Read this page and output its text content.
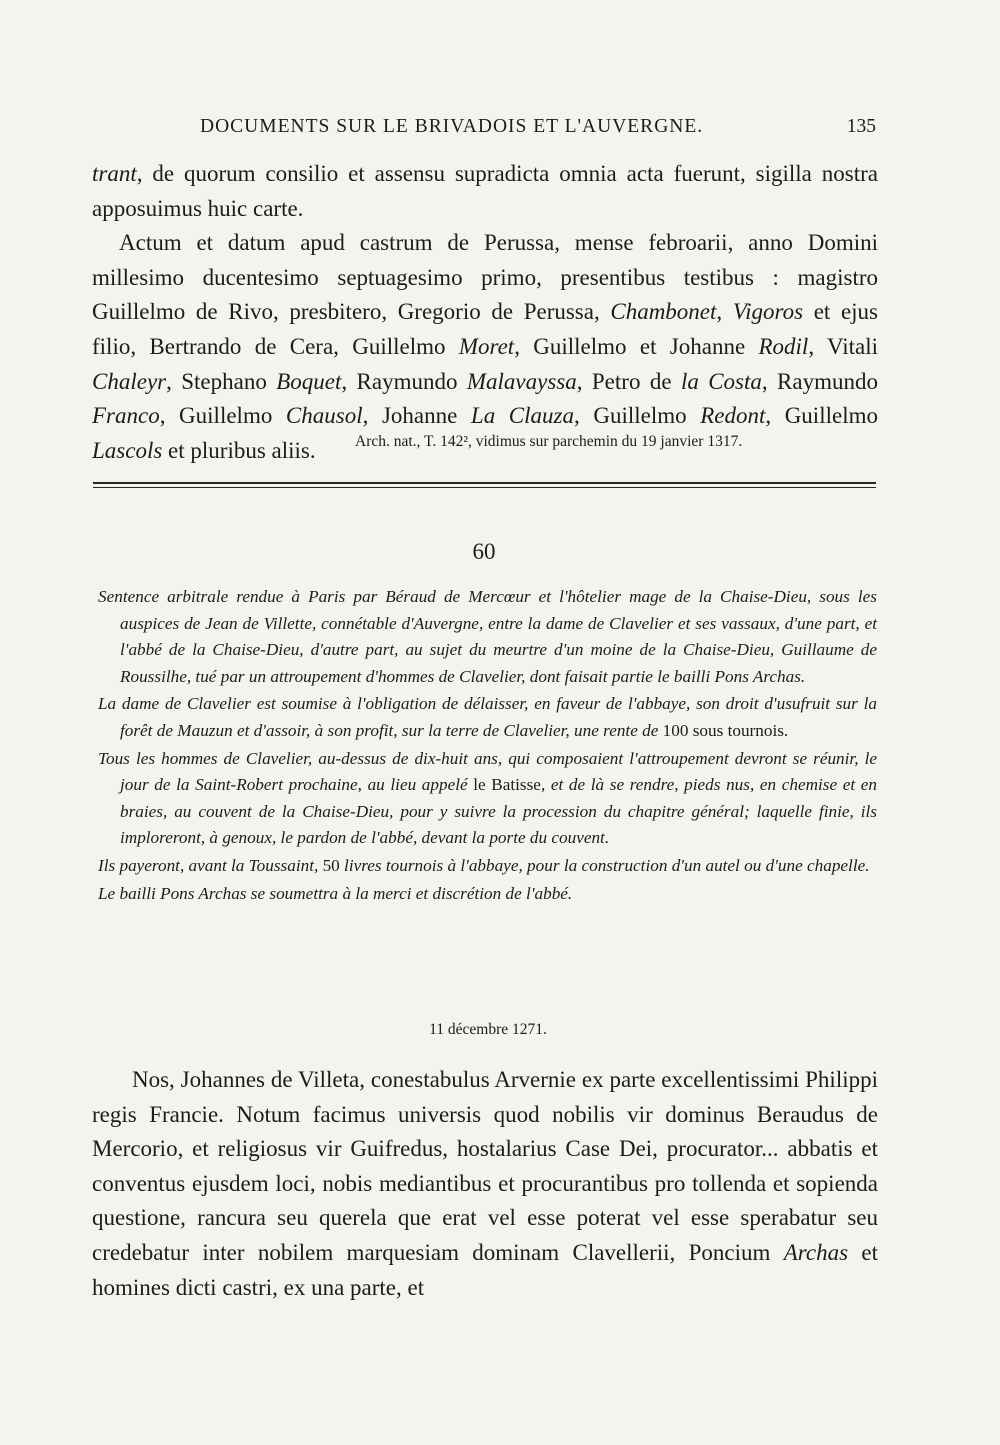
DOCUMENTS SUR LE BRIVADOIS ET L'AUVERGNE.	135

trant, de quorum consilio et assensu supradicta omnia acta fuerunt, sigilla nostra apposuimus huic carte.

Actum et datum apud castrum de Perussa, mense febroarii, anno Domini millesimo ducentesimo septuagesimo primo, presentibus testibus : magistro Guillelmo de Rivo, presbitero, Gregorio de Perussa, Chambonet, Vigoros et ejus filio, Bertrando de Cera, Guillelmo Moret, Guillelmo et Johanne Rodil, Vitali Chaleyr, Stephano Boquet, Raymundo Malavayssa, Petro de la Costa, Raymundo Franco, Guillelmo Chausol, Johanne La Clauza, Guillelmo Redont, Guillelmo Lascols et pluribus aliis.	Arch. nat., T. 142², vidimus sur parchemin du 19 janvier 1317.
60

Sentence arbitrale rendue à Paris par Béraud de Mercœur et l'hôtelier mage de la Chaise-Dieu, sous les auspices de Jean de Villette, connétable d'Auvergne, entre la dame de Clavelier et ses vassaux, d'une part, et l'abbé de la Chaise-Dieu, d'autre part, au sujet du meurtre d'un moine de la Chaise-Dieu, Guillaume de Roussilhe, tué par un attroupement d'hommes de Clavelier, dont faisait partie le bailli Pons Archas.

La dame de Clavelier est soumise à l'obligation de délaisser, en faveur de l'abbaye, son droit d'usufruit sur la forêt de Mauzun et d'assoir, à son profit, sur la terre de Clavelier, une rente de 100 sous tournois.

Tous les hommes de Clavelier, au-dessus de dix-huit ans, qui composaient l'attroupement devront se réunir, le jour de la Saint-Robert prochaine, au lieu appelé le Batisse, et de là se rendre, pieds nus, en chemise et en braies, au couvent de la Chaise-Dieu, pour y suivre la procession du chapitre général; laquelle finie, ils imploreront, à genoux, le pardon de l'abbé, devant la porte du couvent.

Ils payeront, avant la Toussaint, 50 livres tournois à l'abbaye, pour la construction d'un autel ou d'une chapelle.

Le bailli Pons Archas se soumettra à la merci et discrétion de l'abbé.

11 décembre 1271.

Nos, Johannes de Villeta, conestabulus Arvernie ex parte excellentissimi Philippi regis Francie. Notum facimus universis quod nobilis vir dominus Beraudus de Mercorio, et religiosus vir Guifredus, hostalarius Case Dei, procurator... abbatis et conventus ejusdem loci, nobis mediantibus et procurantibus pro tollenda et sopienda questione, rancura seu querela que erat vel esse poterat vel esse sperabatur seu credebatur inter nobilem marquesiam dominam Clavellerii, Poncium Archas et homines dicti castri, ex una parte, et
